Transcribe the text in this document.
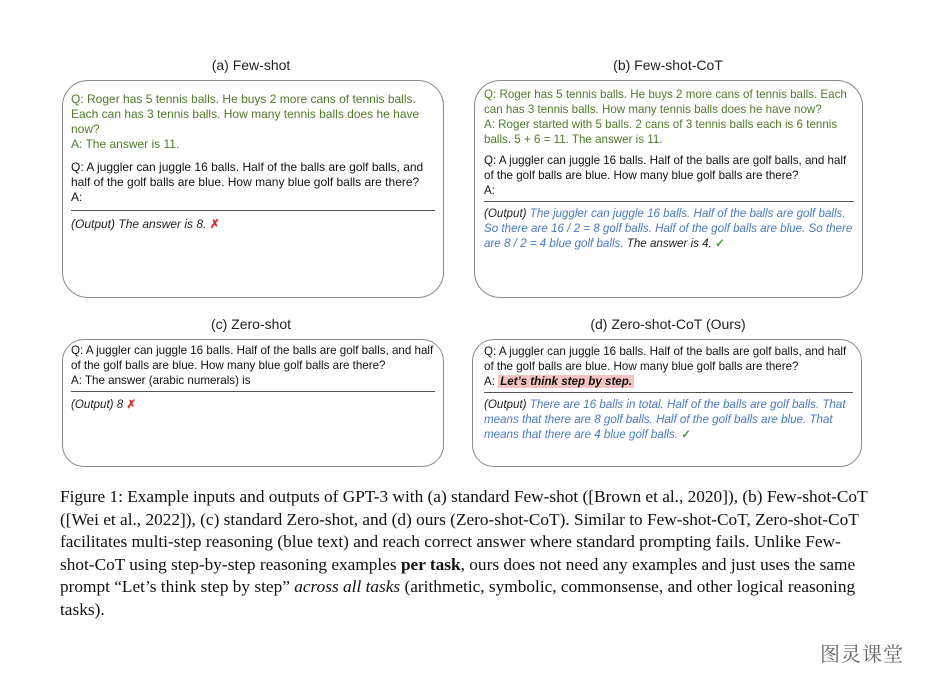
(a) Few-shot

Q: Roger has 5 tennis balls. He buys 2 more cans of tennis balls. Each can has 3 tennis balls. How many tennis balls does he have now?

A: The answer is 11.

Q: A juggler can juggle 16 balls. Half of the balls are golf balls, and half of the golf balls are blue. How many blue golf balls are there?

A:

(Output) The answer is 8. ✗

(b) Few-shot-CoT

Q: Roger has 5 tennis balls. He buys 2 more cans of tennis balls. Each can has 3 tennis balls. How many tennis balls does he have now?

A: Roger started with 5 balls. 2 cans of 3 tennis balls each is 6 tennis balls. 5 + 6 = 11. The answer is 11.

Q: A juggler can juggle 16 balls. Half of the balls are golf balls, and half of the golf balls are blue. How many blue golf balls are there?

A:

(Output) The juggler can juggle 16 balls. Half of the balls are golf balls. So there are 16 / 2 = 8 golf balls. Half of the golf balls are blue. So there are 8 / 2 = 4 blue golf balls. The answer is 4. ✓

(c) Zero-shot

Q: A juggler can juggle 16 balls. Half of the balls are golf balls, and half of the golf balls are blue. How many blue golf balls are there?

A: The answer (arabic numerals) is

(Output) 8 ✗

(d) Zero-shot-CoT (Ours)

Q: A juggler can juggle 16 balls. Half of the balls are golf balls, and half of the golf balls are blue. How many blue golf balls are there?

A: Let’s think step by step.

(Output) There are 16 balls in total. Half of the balls are golf balls. That means that there are 8 golf balls. Half of the golf balls are blue. That means that there are 4 blue golf balls. ✓

Figure 1: Example inputs and outputs of GPT-3 with (a) standard Few-shot ([Brown et al., 2020]), (b) Few-shot-CoT ([Wei et al., 2022]), (c) standard Zero-shot, and (d) ours (Zero-shot-CoT). Similar to Few-shot-CoT, Zero-shot-CoT facilitates multi-step reasoning (blue text) and reach correct answer where standard prompting fails. Unlike Few-shot-CoT using step-by-step reasoning examples per task, ours does not need any examples and just uses the same prompt “Let’s think step by step” across all tasks (arithmetic, symbolic, commonsense, and other logical reasoning tasks).
图灵课堂
